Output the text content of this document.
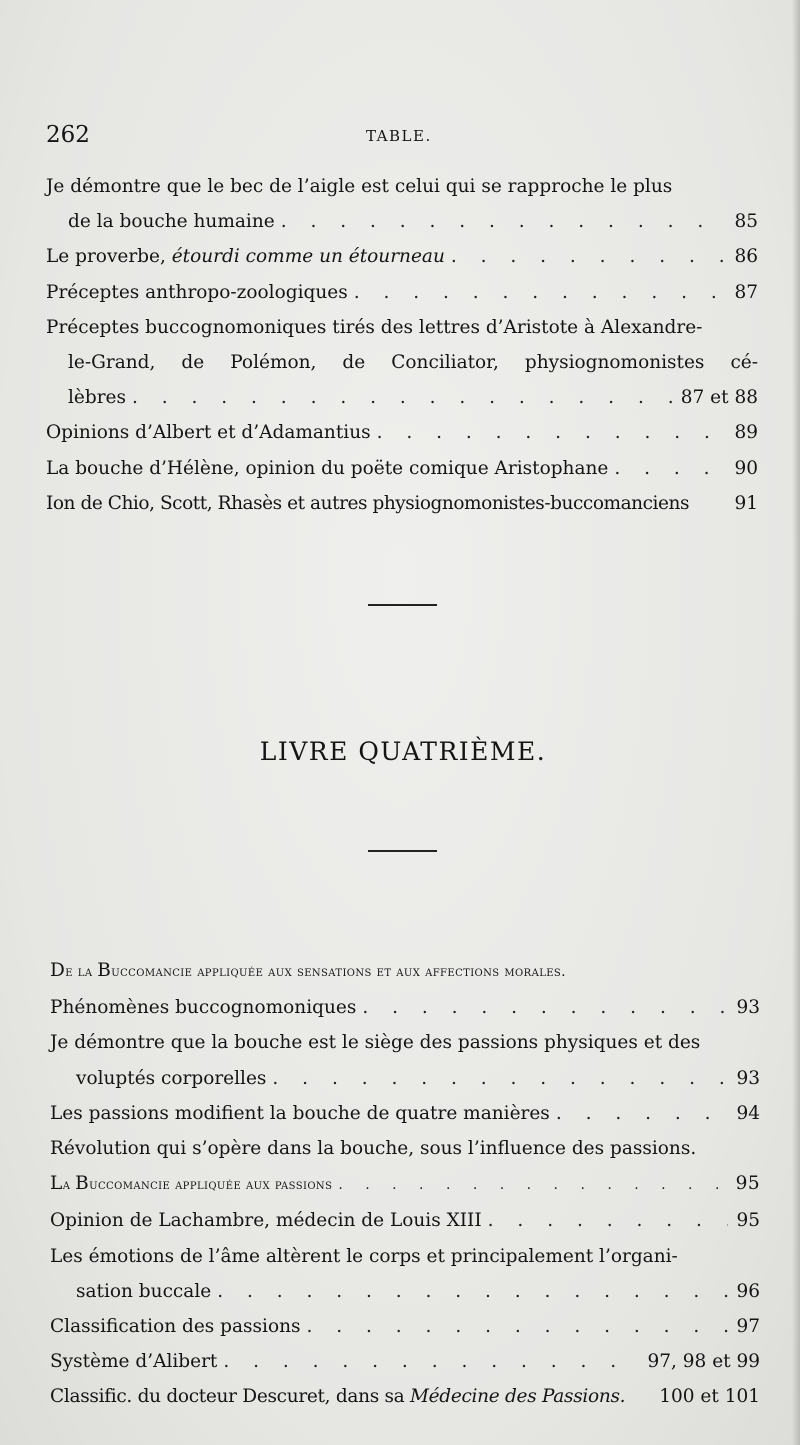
262	TABLE.
Je démontre que le bec de l’aigle est celui qui se rapproche le plus
de la bouche humaine . . .	85
Le proverbe, étourdi comme un étourneau . . .	86
Préceptes anthropo-zoologiques . . .	87
Préceptes buccognomoniques tirés des lettres d’Aristote à Alexandre-
le-Grand, de Polémon, de Conciliator, physiognomonistes cé-
lèbres . . .	87 et 88
Opinions d’Albert et d’Adamantius . . .	89
La bouche d’Hélène, opinion du poëte comique Aristophane . . .	90
Ion de Chio, Scott, Rhasès et autres physiognomonistes-buccomanciens 91
LIVRE QUATRIÈME.
De la Buccomancie appliquée aux sensations et aux affections morales.
Phénomènes buccognomoniques . . .	93
Je démontre que la bouche est le siège des passions physiques et des
voluptés corporelles . . .	93
Les passions modifient la bouche de quatre manières . . .	94
Révolution qui s’opère dans la bouche, sous l’influence des passions.
La Buccomancie appliquée aux passions . . .	95
Opinion de Lachambre, médecin de Louis XIII . . .	95
Les émotions de l’âme altèrent le corps et principalement l’organi-
sation buccale . . .	96
Classification des passions . . .	97
Système d’Alibert . . .	97, 98 et 99
Classific. du docteur Descuret, dans sa Médecine des Passions. 100 et 101
